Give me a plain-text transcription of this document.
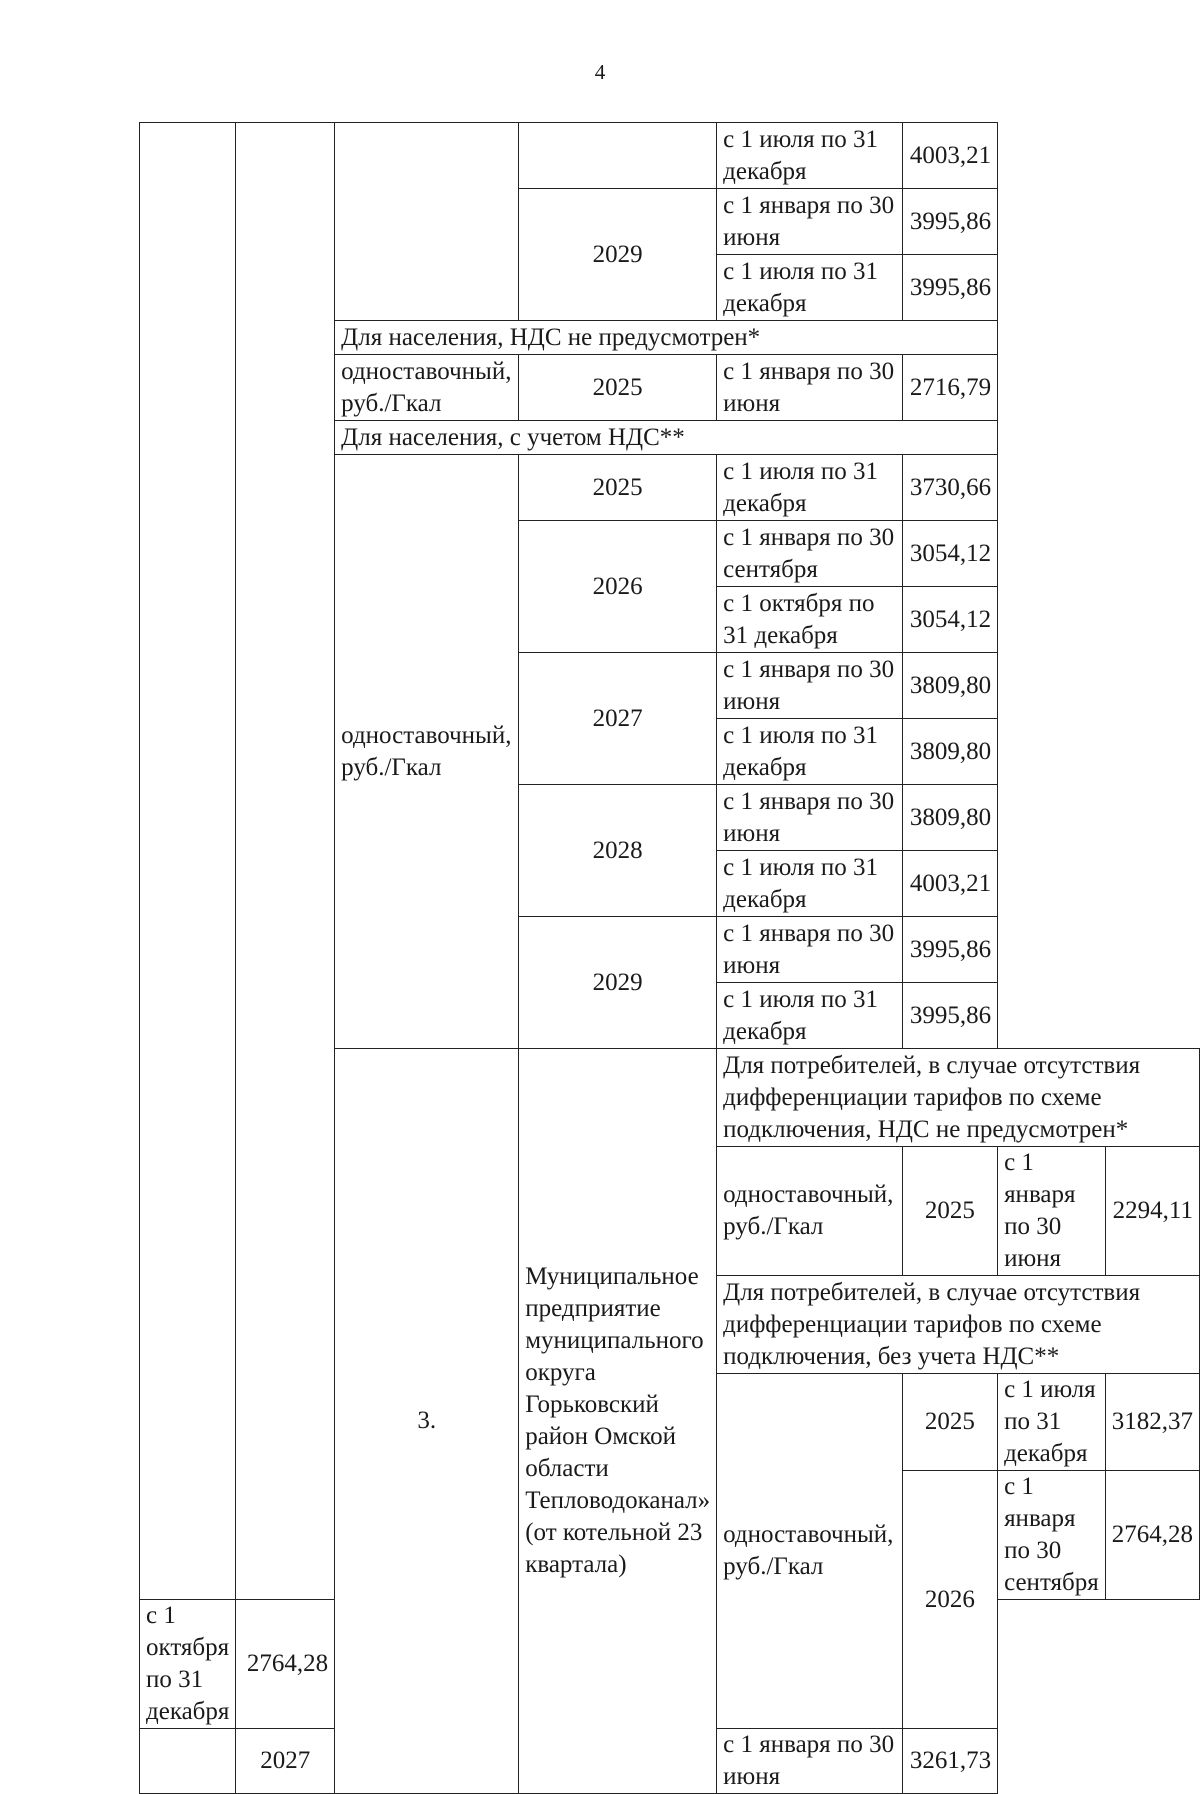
4
				с 1 июля по 31 декабря	4003,21		
			2029	с 1 января по 30 июня	3995,86		
				с 1 июля по 31 декабря	3995,86		
		Для населения, НДС не предусмотрен*					
		одноставочный, руб./Гкал	2025	с 1 января по 30 июня	2716,79		
		Для населения, с учетом НДС**					
		одноставочный, руб./Гкал	2025	с 1 июля по 31 декабря	3730,66		
			2026	с 1 января по 30 сентября	3054,12		
				с 1 октября по 31 декабря	3054,12		
			2027	с 1 января по 30 июня	3809,80		
				с 1 июля по 31 декабря	3809,80		
			2028	с 1 января по 30 июня	3809,80		
				с 1 июля по 31 декабря	4003,21		
			2029	с 1 января по 30 июня	3995,86		
				с 1 июля по 31 декабря	3995,86		
		3.	Муниципальное предприятие муниципального округа Горьковский район Омской области Тепловодоканал» (от котельной 23 квартала)	Для потребителей, в случае отсутствия дифференциации тарифов по схеме подключения, НДС не предусмотрен*			
				одноставочный, руб./Гкал	2025	с 1 января по 30 июня	2294,11
				Для потребителей, в случае отсутствия дифференциации тарифов по схеме подключения, без учета НДС**			
				одноставочный, руб./Гкал	2025	с 1 июля по 31 декабря	3182,37
					2026	с 1 января по 30 сентября	2764,28
с 1 октября по 31 декабря	2764,28						
	2027			с 1 января по 30 июня	3261,73		
